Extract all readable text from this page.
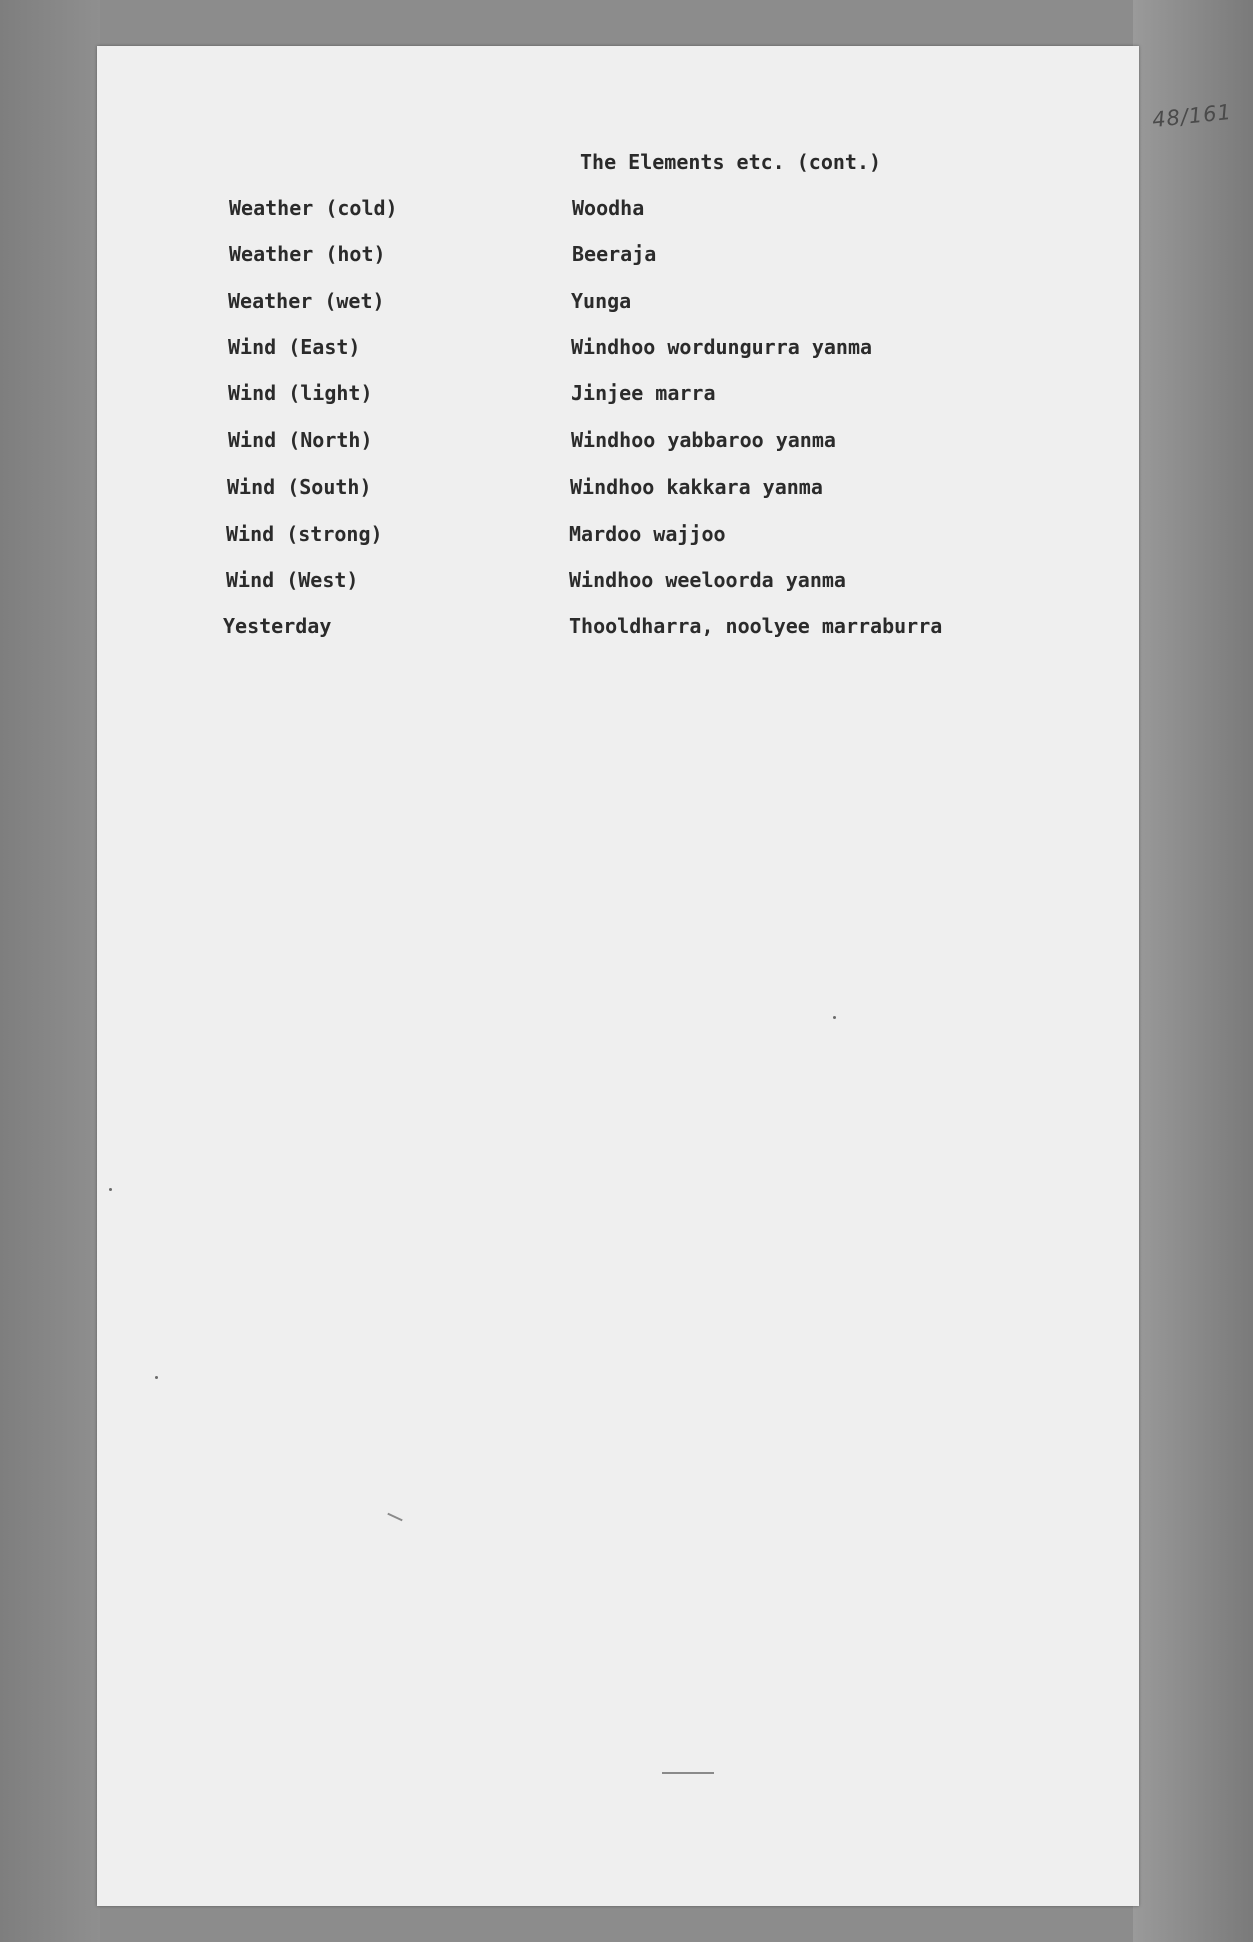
48/161
The Elements etc. (cont.)
Weather (cold)	Woodha
Weather (hot)	Beeraja
Weather (wet)	Yunga
Wind (East)	Windhoo wordungurra yanma
Wind (light)	Jinjee marra
Wind (North)	Windhoo yabbaroo yanma
Wind (South)	Windhoo kakkara yanma
Wind (strong)	Mardoo wajjoo
Wind (West)	Windhoo weeloorda yanma
Yesterday	Thooldharra, noolyee marraburra
